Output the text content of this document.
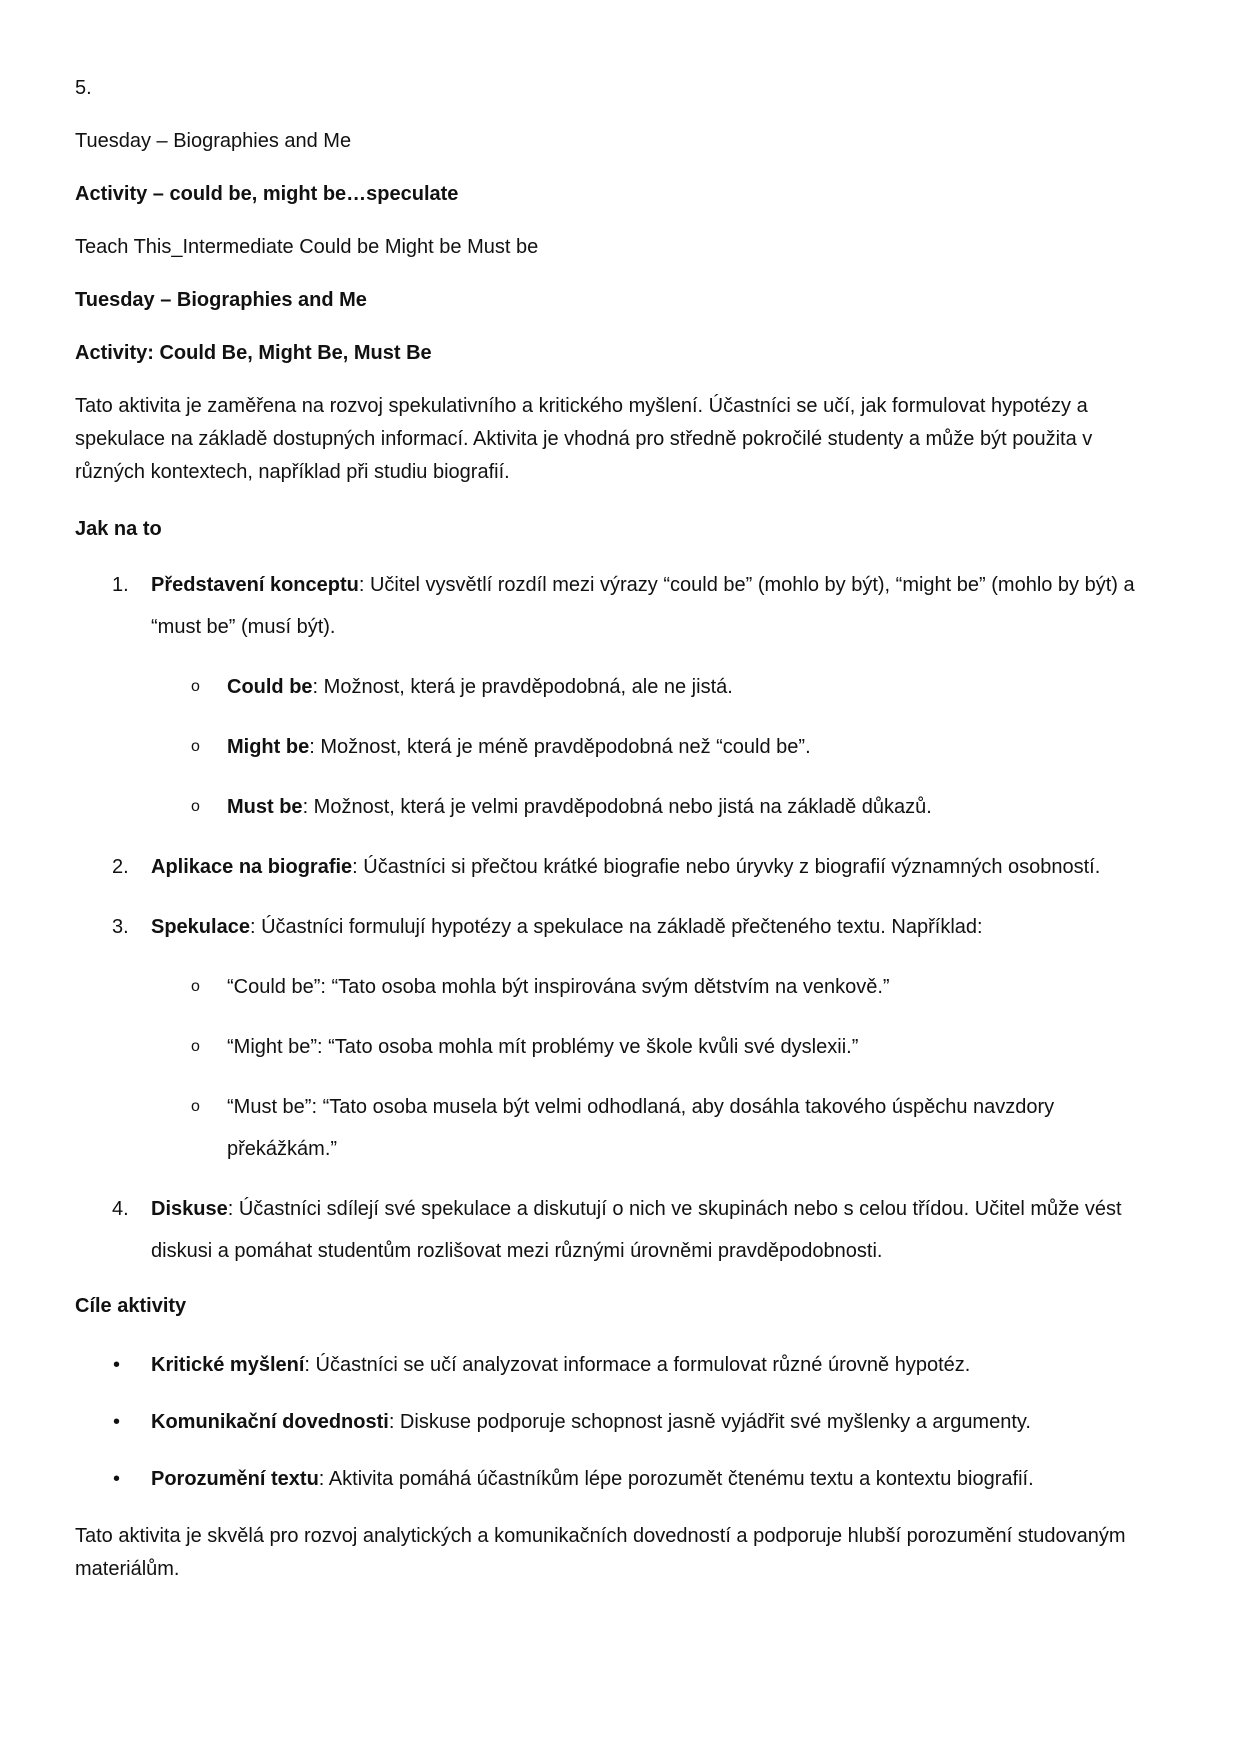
5.

Tuesday – Biographies and Me

Activity – could be, might be…speculate

Teach This_Intermediate Could be Might be Must be

Tuesday – Biographies and Me

Activity: Could Be, Might Be, Must Be

Tato aktivita je zaměřena na rozvoj spekulativního a kritického myšlení. Účastníci se učí, jak formulovat hypotézy a spekulace na základě dostupných informací. Aktivita je vhodná pro středně pokročilé studenty a může být použita v různých kontextech, například při studiu biografií.

Jak na to

1. Představení konceptu: Učitel vysvětlí rozdíl mezi výrazy “could be” (mohlo by být), “might be” (mohlo by být) a “must be” (musí být).
o Could be: Možnost, která je pravděpodobná, ale ne jistá.
o Might be: Možnost, která je méně pravděpodobná než “could be”.
o Must be: Možnost, která je velmi pravděpodobná nebo jistá na základě důkazů.
2. Aplikace na biografie: Účastníci si přečtou krátké biografie nebo úryvky z biografií významných osobností.
3. Spekulace: Účastníci formulují hypotézy a spekulace na základě přečteného textu. Například:
o “Could be”: “Tato osoba mohla být inspirována svým dětstvím na venkově.”
o “Might be”: “Tato osoba mohla mít problémy ve škole kvůli své dyslexii.”
o “Must be”: “Tato osoba musela být velmi odhodlaná, aby dosáhla takového úspěchu navzdory překážkám.”
4. Diskuse: Účastníci sdílejí své spekulace a diskutují o nich ve skupinách nebo s celou třídou. Učitel může vést diskusi a pomáhat studentům rozlišovat mezi různými úrovněmi pravděpodobnosti.

Cíle aktivity

• Kritické myšlení: Účastníci se učí analyzovat informace a formulovat různé úrovně hypotéz.
• Komunikační dovednosti: Diskuse podporuje schopnost jasně vyjádřit své myšlenky a argumenty.
• Porozumění textu: Aktivita pomáhá účastníkům lépe porozumět čtenému textu a kontextu biografií.

Tato aktivita je skvělá pro rozvoj analytických a komunikačních dovedností a podporuje hlubší porozumění studovaným materiálům.
